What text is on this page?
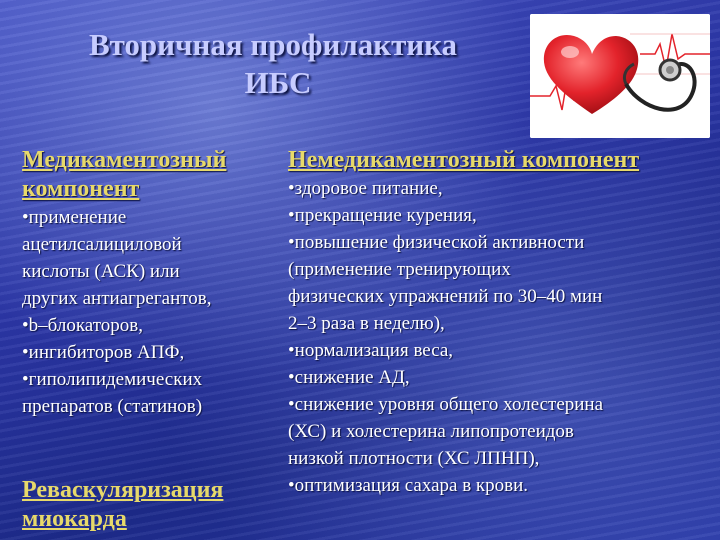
Вторичная профилактика
ИБС
Медикаментозный
компонент

•применение

ацетилсалициловой

кислоты (АСК) или

других антиагрегантов,

•b–блокаторов,

•ингибиторов АПФ,

•гиполипидемических

препаратов (статинов)

Реваскуляризация
миокарда
Немедикаментозный компонент

•здоровое питание,

•прекращение курения,

•повышение физической активности

(применение тренирующих

физических упражнений по 30–40 мин

2–3 раза в неделю),

•нормализация веса,

•снижение АД,

•снижение уровня общего холестерина

(ХС) и холестерина липопротеидов

низкой плотности (ХС ЛПНП),

•оптимизация сахара в крови.
